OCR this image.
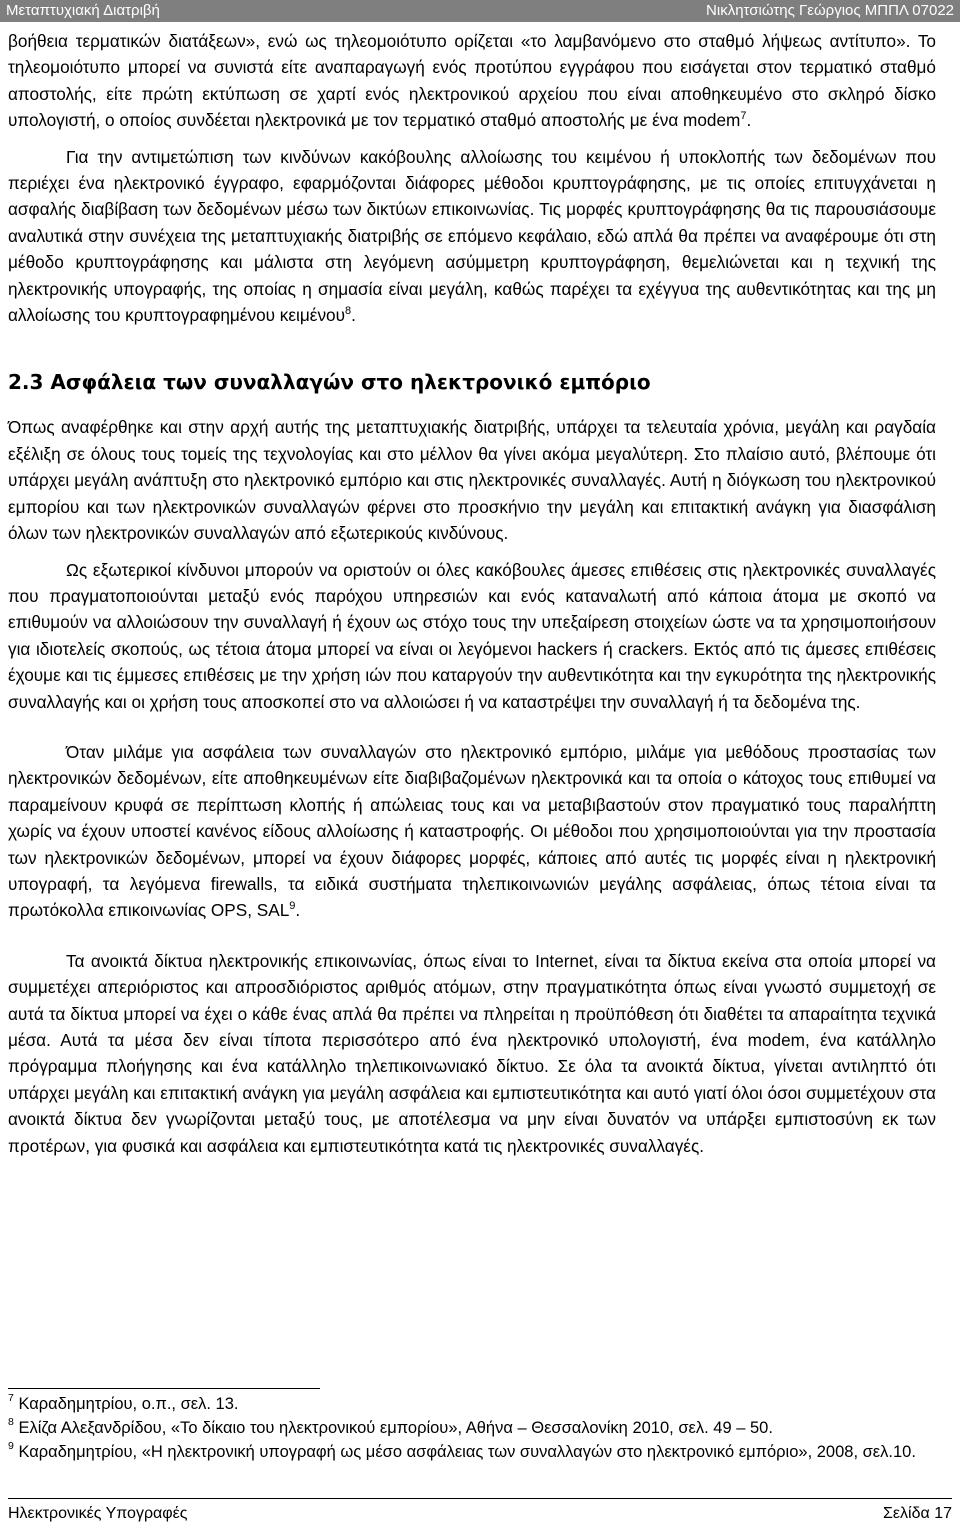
Μεταπτυχιακή Διατριβή	Νικλητσιώτης Γεώργιος ΜΠΠΛ 07022

βοήθεια τερματικών διατάξεων», ενώ ως τηλεομοιότυπο ορίζεται «το λαμβανόμενο στο σταθμό λήψεως αντίτυπο». Το τηλεομοιότυπο μπορεί να συνιστά είτε αναπαραγωγή ενός προτύπου εγγράφου που εισάγεται στον τερματικό σταθμό αποστολής, είτε πρώτη εκτύπωση σε χαρτί ενός ηλεκτρονικού αρχείου που είναι αποθηκευμένο στο σκληρό δίσκο υπολογιστή, ο οποίος συνδέεται ηλεκτρονικά με τον τερματικό σταθμό αποστολής με ένα modem$^7$.

Για την αντιμετώπιση των κινδύνων κακόβουλης αλλοίωσης του κειμένου ή υποκλοπής των δεδομένων που περιέχει ένα ηλεκτρονικό έγγραφο, εφαρμόζονται διάφορες μέθοδοι κρυπτογράφησης, με τις οποίες επιτυγχάνεται η ασφαλής διαβίβαση των δεδομένων μέσω των δικτύων επικοινωνίας. Τις μορφές κρυπτογράφησης θα τις παρουσιάσουμε αναλυτικά στην συνέχεια της μεταπτυχιακής διατριβής σε επόμενο κεφάλαιο, εδώ απλά θα πρέπει να αναφέρουμε ότι στη μέθοδο κρυπτογράφησης και μάλιστα στη λεγόμενη ασύμμετρη κρυπτογράφηση, θεμελιώνεται και η τεχνική της ηλεκτρονικής υπογραφής, της οποίας η σημασία είναι μεγάλη, καθώς παρέχει τα εχέγγυα της αυθεντικότητας και της μη αλλοίωσης του κρυπτογραφημένου κειμένου$^8$.

2.3 Ασφάλεια των συναλλαγών στο ηλεκτρονικό εμπόριο

Όπως αναφέρθηκε και στην αρχή αυτής της μεταπτυχιακής διατριβής, υπάρχει τα τελευταία χρόνια, μεγάλη και ραγδαία εξέλιξη σε όλους τους τομείς της τεχνολογίας και στο μέλλον θα γίνει ακόμα μεγαλύτερη. Στο πλαίσιο αυτό, βλέπουμε ότι υπάρχει μεγάλη ανάπτυξη στο ηλεκτρονικό εμπόριο και στις ηλεκτρονικές συναλλαγές. Αυτή η διόγκωση του ηλεκτρονικού εμπορίου και των ηλεκτρονικών συναλλαγών φέρνει στο προσκήνιο την μεγάλη και επιτακτική ανάγκη για διασφάλιση όλων των ηλεκτρονικών συναλλαγών από εξωτερικούς κινδύνους.

Ως εξωτερικοί κίνδυνοι μπορούν να οριστούν οι όλες κακόβουλες άμεσες επιθέσεις στις ηλεκτρονικές συναλλαγές που πραγματοποιούνται μεταξύ ενός παρόχου υπηρεσιών και ενός καταναλωτή από κάποια άτομα με σκοπό να επιθυμούν να αλλοιώσουν την συναλλαγή ή έχουν ως στόχο τους την υπεξαίρεση στοιχείων ώστε να τα χρησιμοποιήσουν για ιδιοτελείς σκοπούς, ως τέτοια άτομα μπορεί να είναι οι λεγόμενοι hackers ή crackers. Εκτός από τις άμεσες επιθέσεις έχουμε και τις έμμεσες επιθέσεις με την χρήση ιών που καταργούν την αυθεντικότητα και την εγκυρότητα της ηλεκτρονικής συναλλαγής και οι χρήση τους αποσκοπεί στο να αλλοιώσει ή να καταστρέψει την συναλλαγή ή τα δεδομένα της.

Όταν μιλάμε για ασφάλεια των συναλλαγών στο ηλεκτρονικό εμπόριο, μιλάμε για μεθόδους προστασίας των ηλεκτρονικών δεδομένων, είτε αποθηκευμένων είτε διαβιβαζομένων ηλεκτρονικά και τα οποία ο κάτοχος τους επιθυμεί να παραμείνουν κρυφά σε περίπτωση κλοπής ή απώλειας τους και να μεταβιβαστούν στον πραγματικό τους παραλήπτη χωρίς να έχουν υποστεί κανένος είδους αλλοίωσης ή καταστροφής. Οι μέθοδοι που χρησιμοποιούνται για την προστασία των ηλεκτρονικών δεδομένων, μπορεί να έχουν διάφορες μορφές, κάποιες από αυτές τις μορφές είναι η ηλεκτρονική υπογραφή, τα λεγόμενα firewalls, τα ειδικά συστήματα τηλεπικοινωνιών μεγάλης ασφάλειας, όπως τέτοια είναι τα πρωτόκολλα επικοινωνίας OPS, SAL$^9$.

Τα ανοικτά δίκτυα ηλεκτρονικής επικοινωνίας, όπως είναι το Internet, είναι τα δίκτυα εκείνα στα οποία μπορεί να συμμετέχει απεριόριστος και απροσδιόριστος αριθμός ατόμων, στην πραγματικότητα όπως είναι γνωστό συμμετοχή σε αυτά τα δίκτυα μπορεί να έχει ο κάθε ένας απλά θα πρέπει να πληρείται η προϋπόθεση ότι διαθέτει τα απαραίτητα τεχνικά μέσα. Αυτά τα μέσα δεν είναι τίποτα περισσότερο από ένα ηλεκτρονικό υπολογιστή, ένα modem, ένα κατάλληλο πρόγραμμα πλοήγησης και ένα κατάλληλο τηλεπικοινωνιακό δίκτυο. Σε όλα τα ανοικτά δίκτυα, γίνεται αντιληπτό ότι υπάρχει μεγάλη και επιτακτική ανάγκη για μεγάλη ασφάλεια και εμπιστευτικότητα και αυτό γιατί όλοι όσοι συμμετέχουν στα ανοικτά δίκτυα δεν γνωρίζονται μεταξύ τους, με αποτέλεσμα να μην είναι δυνατόν να υπάρξει εμπιστοσύνη εκ των προτέρων, για φυσικά και ασφάλεια και εμπιστευτικότητα κατά τις ηλεκτρονικές συναλλαγές.

$^7$ Καραδημητρίου, ο.π., σελ. 13.

$^8$ Ελίζα Αλεξανδρίδου, «Το δίκαιο του ηλεκτρονικού εμπορίου», Αθήνα – Θεσσαλονίκη 2010, σελ. 49 – 50.

$^9$ Καραδημητρίου, «Η ηλεκτρονική υπογραφή ως μέσο ασφάλειας των συναλλαγών στο ηλεκτρονικό εμπόριο», 2008, σελ.10.

Ηλεκτρονικές Υπογραφές	Σελίδα 17
